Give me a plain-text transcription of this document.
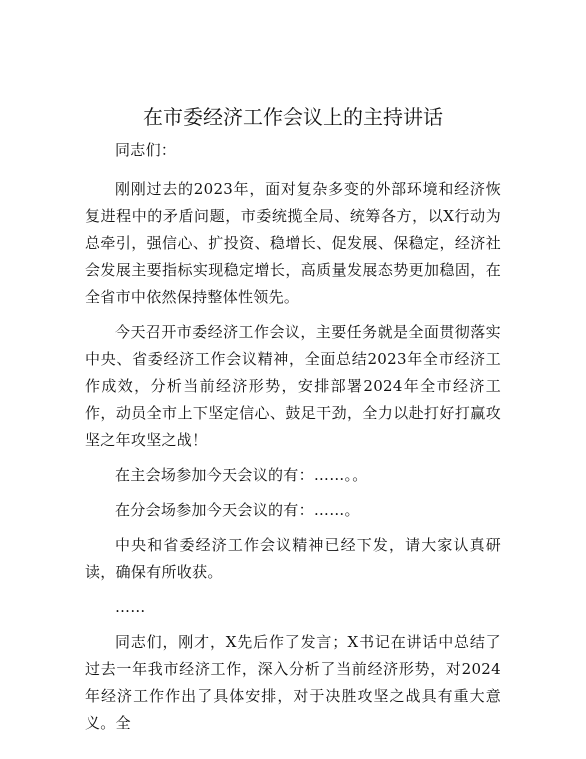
在市委经济工作会议上的主持讲话

同志们：

刚刚过去的2023年，面对复杂多变的外部环境和经济恢复进程中的矛盾问题，市委统揽全局、统筹各方，以X行动为总牵引，强信心、扩投资、稳增长、促发展、保稳定，经济社会发展主要指标实现稳定增长，高质量发展态势更加稳固，在全省市中依然保持整体性领先。

今天召开市委经济工作会议，主要任务就是全面贯彻落实中央、省委经济工作会议精神，全面总结2023年全市经济工作成效，分析当前经济形势，安排部署2024年全市经济工作，动员全市上下坚定信心、鼓足干劲，全力以赴打好打赢攻坚之年攻坚之战！

在主会场参加今天会议的有：……。。

在分会场参加今天会议的有：……。

中央和省委经济工作会议精神已经下发，请大家认真研读，确保有所收获。

……

同志们，刚才，X先后作了发言；X书记在讲话中总结了过去一年我市经济工作，深入分析了当前经济形势，对2024年经济工作作出了具体安排，对于决胜攻坚之战具有重大意义。全
